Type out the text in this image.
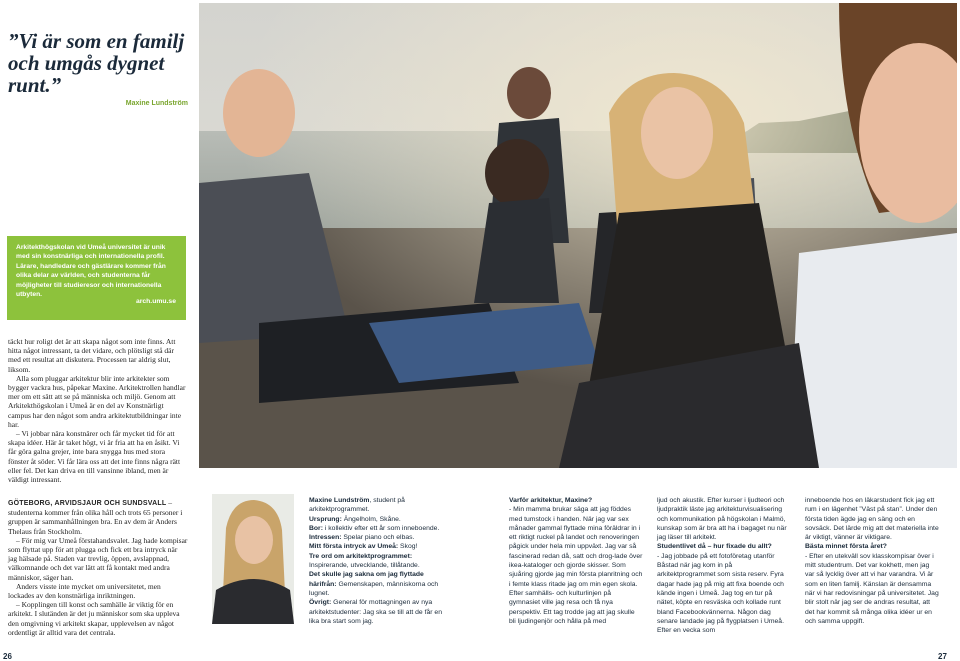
”Vi är som en familj och umgås dygnet runt.”
Maxine Lundström
Arkitekthögskolan vid Umeå universitet är unik med sin konstnärliga och internationella profil. Lärare, handledare och gästlärare kommer från olika delar av världen, och studenterna får möjligheter till studieresor och internationella utbyten.
arch.umu.se

täckt hur roligt det är att skapa något som inte finns. Att hitta något intressant, ta det vidare, och plötsligt stå där med ett resultat att diskutera. Processen tar aldrig slut, liksom.

Alla som pluggar arkitektur blir inte arkitekter som bygger vackra hus, påpekar Maxine. Arkitektrollen handlar mer om ett sätt att se på människa och miljö. Genom att Arkitekthögskolan i Umeå är en del av Konstnärligt campus har den något som andra arkitektutbildningar inte har.

– Vi jobbar nära konstnärer och får mycket tid för att skapa idéer. Här är taket högt, vi är fria att ha en åsikt. Vi får göra galna grejer, inte bara snygga hus med stora fönster åt söder. Vi får lära oss att det inte finns några rätt eller fel. Det kan driva en till vansinne ibland, men är väldigt intressant.

GÖTEBORG, ARVIDSJAUR OCH SUNDSVALL – studenterna kommer från olika håll och trots 65 personer i gruppen är sammanhållningen bra. En av dem är Anders Thelaus från Stockholm.

– För mig var Umeå förstahandsvalet. Jag hade kompisar som flyttat upp för att plugga och fick ett bra intryck när jag hälsade på. Staden var trevlig, öppen, avslappnad, välkomnande och det var lätt att få kontakt med andra människor, säger han.

Anders visste inte mycket om universitetet, men lockades av den konstnärliga inriktningen.

– Kopplingen till konst och samhälle är viktig för en arkitekt. I slutänden är det ju människor som ska uppleva den omgivning vi arkitekt skapar, upplevelsen av något ordentligt är alltid vara det centrala.

Maxine Lundström, student på arkitektprogrammet.

Ursprung: Ängelholm, Skåne.

Bor: i kollektiv efter ett år som inneboende.

Intressen: Spelar piano och elbas.

Mitt första intryck av Umeå: Skog!

Tre ord om arkitektprogrammet: Inspirerande, utvecklande, tillåtande.

Det skulle jag sakna om jag flyttade härifrån: Gemenskapen, människorna och lugnet.

Övrigt: General för mottagningen av nya arkitektstudenter: Jag ska se till att de får en lika bra start som jag.

Varför arkitektur, Maxine?

- Min mamma brukar säga att jag föddes med tumstock i handen. När jag var sex månader gammal flyttade mina föräldrar in i ett riktigt ruckel på landet och renoveringen pågick under hela min uppväxt. Jag var så fascinerad redan då, satt och drog-lade över ikea-kataloger och gjorde skisser. Som sjuåring gjorde jag min första planritning och i femte klass ritade jag om min egen skola. Efter samhälls- och kulturlinjen på gymnasiet ville jag resa och få nya perspektiv. Ett tag trodde jag att jag skulle bli ljudingenjör och hålla på med

ljud och akustik. Efter kurser i ljudteori och ljudpraktik läste jag arkitekturvisualisering och kommunikation på högskolan i Malmö, kunskap som är bra att ha i bagaget nu när jag läser till arkitekt.

Studentlivet då – hur fixade du allt?

- Jag jobbade på ett fotoföretag utanför Båstad när jag kom in på arkitektprogrammet som sista reserv. Fyra dagar hade jag på mig att fixa boende och kände ingen i Umeå. Jag tog en tur på nätet, köpte en resväska och kollade runt bland Facebookvännerna. Någon dag senare landade jag på flygplatsen i Umeå. Efter en vecka som

inneboende hos en läkarstudent fick jag ett rum i en lägenhet ”Väst på stan”. Under den första tiden ägde jag en säng och en sovsäck. Det lärde mig att det materiella inte är viktigt, vänner är viktigare.

Bästa minnet första året?

- Efter en utekväll sov klasskompisar över i mitt studentrum. Det var kokhett, men jag var så lycklig över att vi har varandra. Vi är som en liten familj. Känslan är densamma när vi har redovisningar på universitetet. Jag blir stolt när jag ser de andras resultat, att det har kommit så många olika idéer ur en och samma uppgift.

26	27
